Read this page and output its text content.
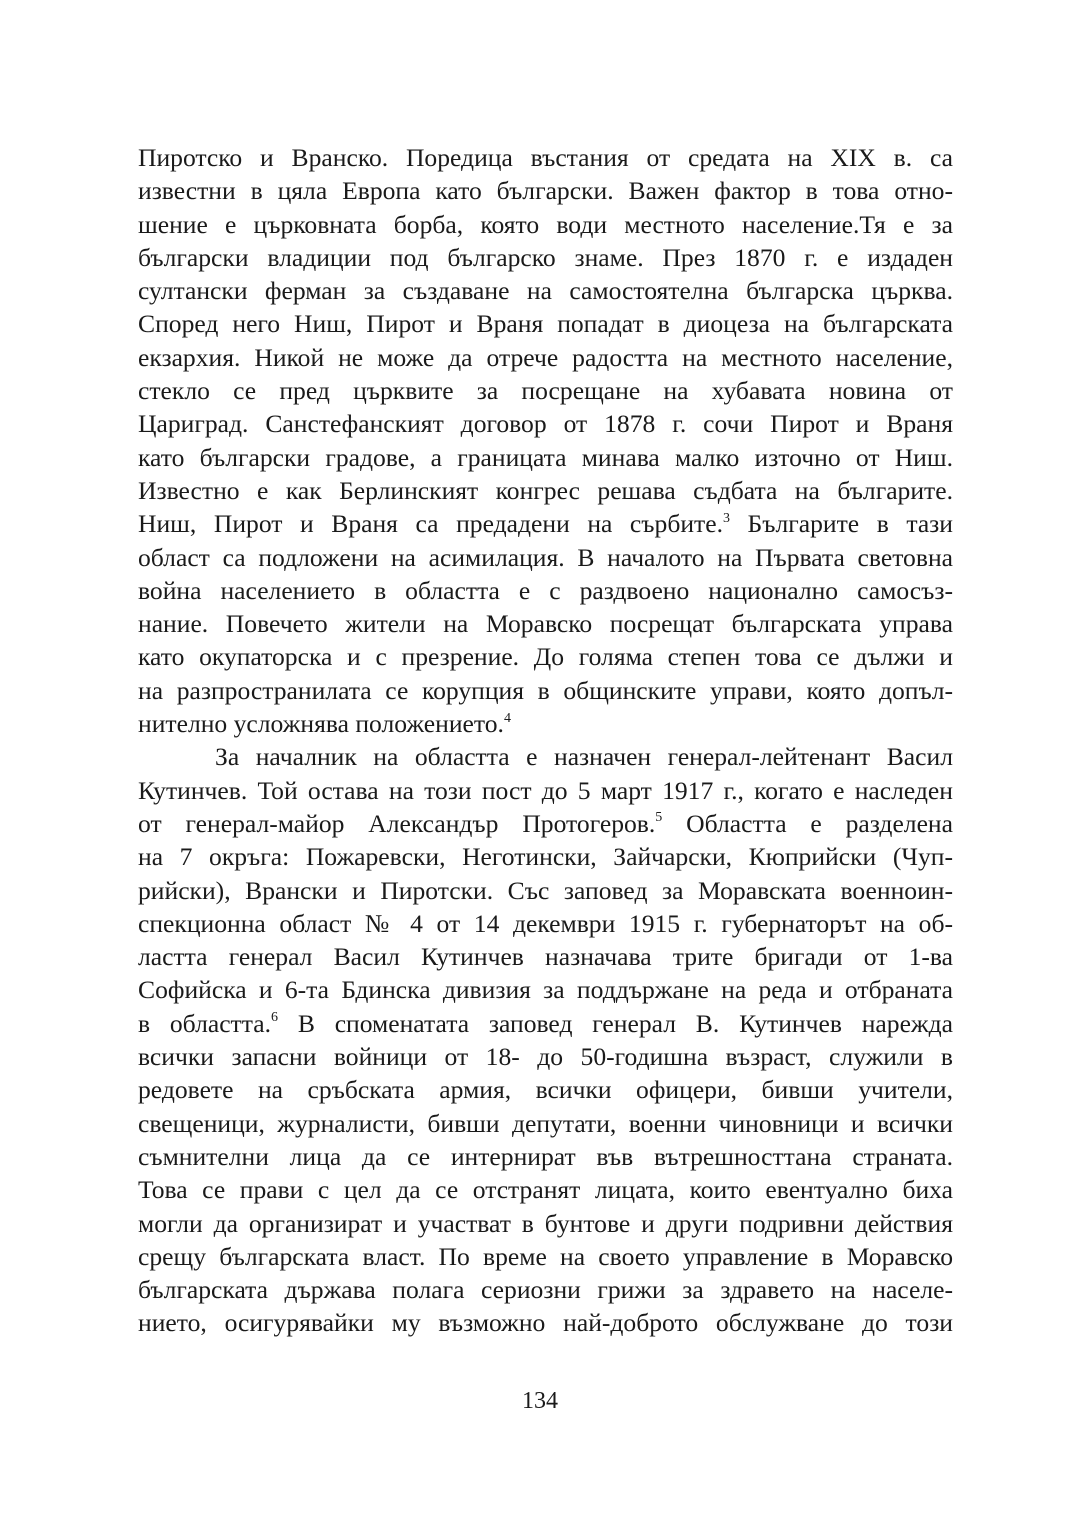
Пиротско и Вранско. Поредица въстания от средата на XIX в. са
известни в цяла Европа като български. Важен фактор в това отно-
шение е църковната борба, която води местното население.Тя е за
български владиции под българско знаме. През 1870 г. е издаден
султански ферман за създаване на самостоятелна българска църква.
Според него Ниш, Пирот и Враня попадат в диоцеза на българската
екзархия. Никой не може да отрече радостта на местното население,
стекло се пред църквите за посрещане на хубавата новина от
Цариград. Санстефанският договор от 1878 г. сочи Пирот и Враня
като български градове, а границата минава малко източно от Ниш.
Известно е как Берлинският конгрес решава съдбата на българите.
Ниш, Пирот и Враня са предадени на сърбите.$^3$ Българите в тази
област са подложени на асимилация. В началото на Първата световна
война населението в областта е с раздвоено национално самосъз-
нание. Повечето жители на Моравско посрещат българската управа
като окупаторска и с презрение. До голяма степен това се дължи и
на разпространилата се корупция в общинските управи, която допъл-
нително усложнява положението.$^4$
За началник на областта е назначен генерал-лейтенант Васил
Кутинчев. Той остава на този пост до 5 март 1917 г., когато е наследен
от генерал-майор Александър Протогеров.$^5$ Областта е разделена
на 7 окръга: Пожаревски, Неготински, Зайчарски, Кюприйски (Чуп-
рийски), Врански и Пиротски. Със заповед за Моравската военноин-
спекционна област № 4 от 14 декември 1915 г. губернаторът на об-
ластта генерал Васил Кутинчев назначава трите бригади от 1-ва
Софийска и 6-та Бдинска дивизия за поддържане на реда и отбраната
в областта.$^6$ В споменатата заповед генерал В. Кутинчев нарежда
всички запасни войници от 18- до 50-годишна възраст, служили в
редовете на сръбската армия, всички офицери, бивши учители,
свещеници, журналисти, бивши депутати, военни чиновници и всички
съмнителни лица да се интернират във вътрешносттана страната.
Това се прави с цел да се отстранят лицата, които евентуално биха
могли да организират и участват в бунтове и други подривни действия
срещу българската власт. По време на своето управление в Моравско
българската държава полага сериозни грижи за здравето на населе-
нието, осигурявайки му възможно най-доброто обслужване до този
134
